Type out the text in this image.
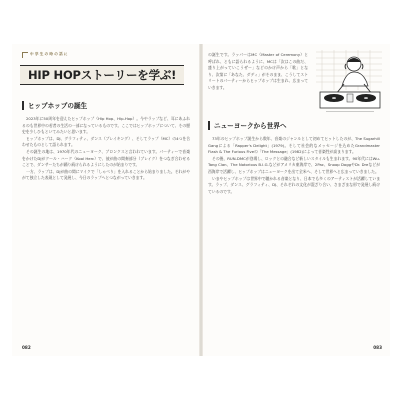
中 学 生 の 時 の 話 に
HIP HOPストーリーを学ぶ!
ヒップホップの誕生

2023年に50周年を迎えたヒップホップ（Hip Hop、Hip-Hop）。今やラップなど、耳にあふれるのも世界中の若者の生活の一部になっているものです。ここではヒップホップについて、その歴史を少しひもといてみたいと思います。

ヒップホップは、DJ、グラフィティ、ダンス（ブレイキング）、そしてラップ（MC）の4つを合わせたものとして語られます。

その誕生の地は、1970年代のニューヨーク、ブロンクスと言われています。パーティーで音楽をかけたDJがクール・ハーク（Kool Herc）で、彼が曲の間奏部分（ブレイク）をつなぎ合わせることで、ダンサーたちが踊り続けられるようにしたのが始まりです。

一方、ラップは、DJが曲の間にマイクで「しゃべり」を入れることから始まりました。それがやがて独立した表現として発展し、今日のラップへとつながっていきます。

082

の誕生です。ラッパーはMC（Master of Ceremony）と呼ばれ、ともに語られるように、MCは「次はこの曲だ、盛り上がっていこうぜー」などのかけ声から「歌」となり、次第に「あなた、ダディ」がそのまま、こうしてストリートのパーティーからヒップホップは生まれ、広まっていきます。

ニューヨークから世界へ

73年のヒップホップ誕生から数年、音楽のジャンルとして初めてヒットしたのが、The Sugarhill Gangによる「Rapper's Delight」(1979)。そして社会的なメッセージを込めたGrandmaster Flash & The Furious Fiveの「The Message」(1982)によって音楽性が高まります。

その後、RUN-DMCが登場し、ロックとの融合など新しいスタイルも生まれます。90年代にはWu-Tang Clan、The Notorious B.I.G.などがアメリカ東海岸で、2Pac、Snoop DoggやDr. Dreなどが西海岸で活躍し、ヒップホップはニューヨークを出て全米へ、そして世界へと広まっていきました。

いまやヒップホップは世界中で聴かれる音楽となり、日本でも多くのアーティストが活躍しています。ラップ、ダンス、グラフィティ、DJ、それぞれの文化が混ざり合い、さまざまな形で発展し続けているのです。

083
